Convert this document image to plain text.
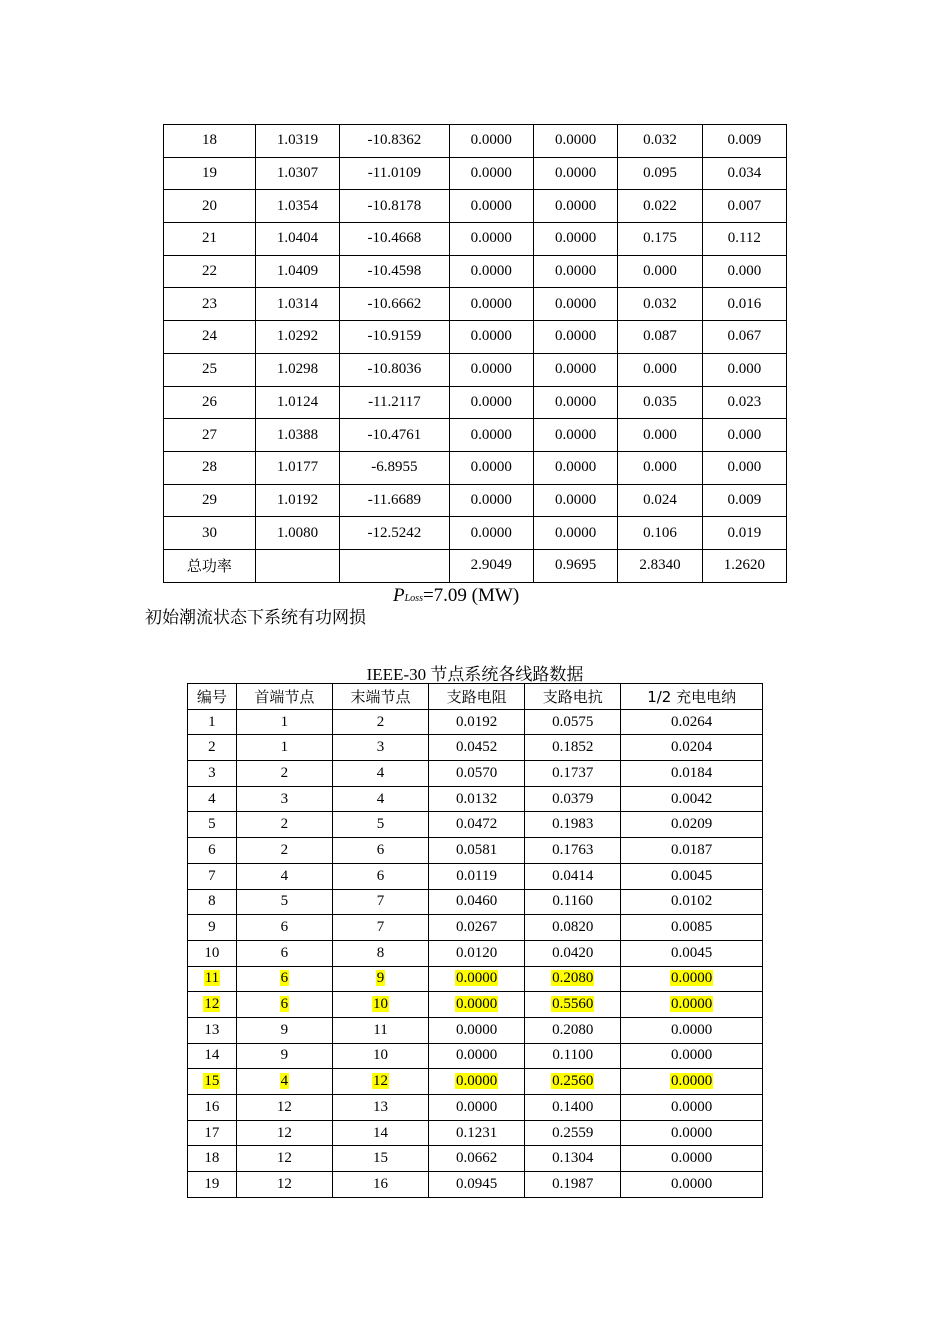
18	1.0319	-10.8362	0.0000	0.0000	0.032	0.009
19	1.0307	-11.0109	0.0000	0.0000	0.095	0.034
20	1.0354	-10.8178	0.0000	0.0000	0.022	0.007
21	1.0404	-10.4668	0.0000	0.0000	0.175	0.112
22	1.0409	-10.4598	0.0000	0.0000	0.000	0.000
23	1.0314	-10.6662	0.0000	0.0000	0.032	0.016
24	1.0292	-10.9159	0.0000	0.0000	0.087	0.067
25	1.0298	-10.8036	0.0000	0.0000	0.000	0.000
26	1.0124	-11.2117	0.0000	0.0000	0.035	0.023
27	1.0388	-10.4761	0.0000	0.0000	0.000	0.000
28	1.0177	-6.8955	0.0000	0.0000	0.000	0.000
29	1.0192	-11.6689	0.0000	0.0000	0.024	0.009
30	1.0080	-12.5242	0.0000	0.0000	0.106	0.019
总功率			2.9049	0.9695	2.8340	1.2620
PLoss=7.09 (MW)
初始潮流状态下系统有功网损
IEEE-30 节点系统各线路数据
编号	首端节点	末端节点	支路电阻	支路电抗	1/2 充电电纳
1	1	2	0.0192	0.0575	0.0264
2	1	3	0.0452	0.1852	0.0204
3	2	4	0.0570	0.1737	0.0184
4	3	4	0.0132	0.0379	0.0042
5	2	5	0.0472	0.1983	0.0209
6	2	6	0.0581	0.1763	0.0187
7	4	6	0.0119	0.0414	0.0045
8	5	7	0.0460	0.1160	0.0102
9	6	7	0.0267	0.0820	0.0085
10	6	8	0.0120	0.0420	0.0045
11	6	9	0.0000	0.2080	0.0000
12	6	10	0.0000	0.5560	0.0000
13	9	11	0.0000	0.2080	0.0000
14	9	10	0.0000	0.1100	0.0000
15	4	12	0.0000	0.2560	0.0000
16	12	13	0.0000	0.1400	0.0000
17	12	14	0.1231	0.2559	0.0000
18	12	15	0.0662	0.1304	0.0000
19	12	16	0.0945	0.1987	0.0000
